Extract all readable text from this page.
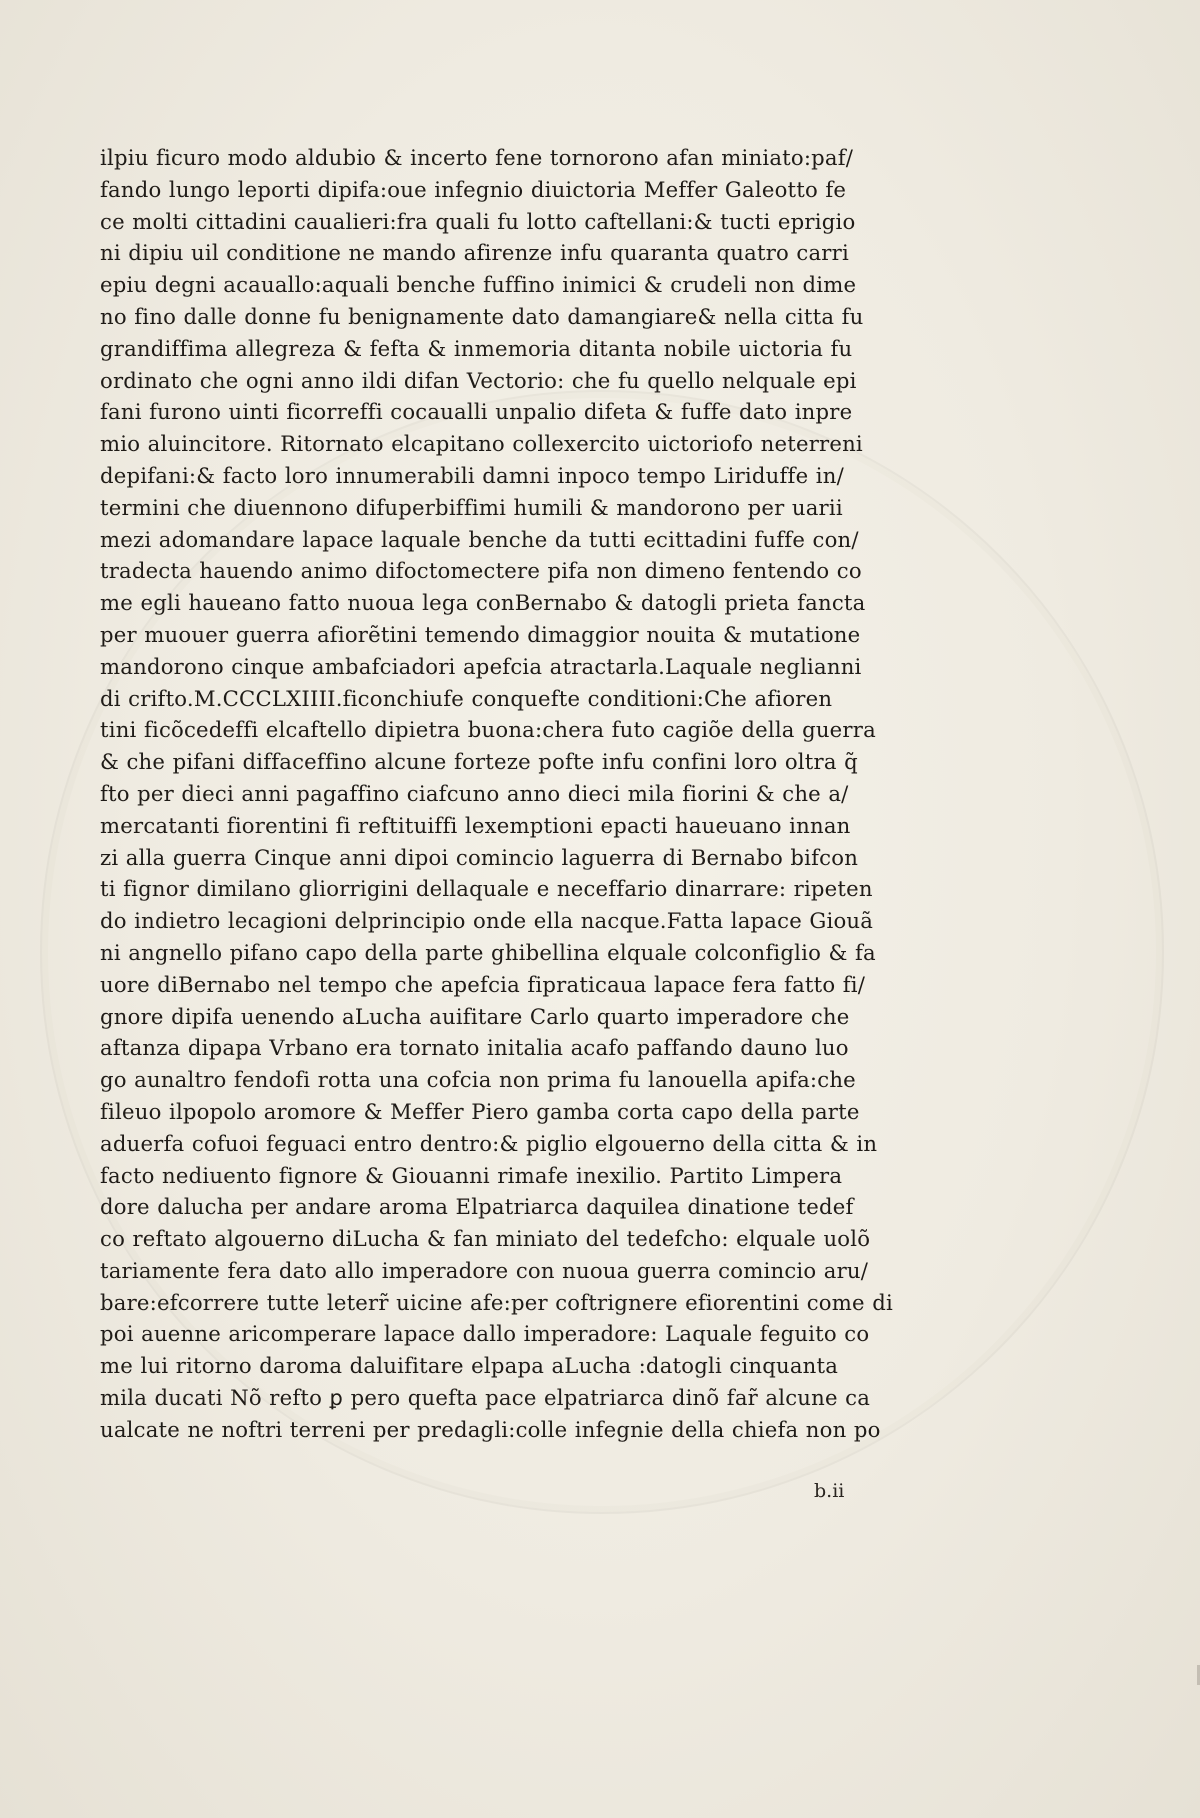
ilpiu ficuro modo aldubio & incerto fene tornorono afan miniato:paf/
fando lungo leporti dipifa:oue infegnio diuictoria Meffer Galeotto fe
ce molti cittadini caualieri:fra quali fu lotto caftellani:& tucti eprigio
ni dipiu uil conditione ne mando afirenze infu quaranta quatro carri
epiu degni acauallo:aquali benche fuffino inimici & crudeli non dime
no fino dalle donne fu benignamente dato damangiare& nella citta fu
grandiffima allegreza & fefta & inmemoria ditanta nobile uictoria fu
ordinato che ogni anno ildi difan Vectorio: che fu quello nelquale epi
fani furono uinti ficorreffi cocaualli unpalio difeta & fuffe dato inpre
mio aluincitore. Ritornato elcapitano collexercito uictoriofo neterreni
depifani:& facto loro innumerabili damni inpoco tempo Liriduffe in/
termini che diuennono difuperbiffimi humili & mandorono per uarii
mezi adomandare lapace laquale benche da tutti ecittadini fuffe con/
tradecta hauendo animo difoctomectere pifa non dimeno fentendo co
me egli haueano fatto nuoua lega conBernabo & datogli prieta fancta
per muouer guerra afiorẽtini temendo dimaggior nouita & mutatione
mandorono cinque ambafciadori apefcia atractarla.Laquale neglianni
di crifto.M.CCCLXIIII.ficonchiufe conquefte conditioni:Che afioren
tini ficõcedeffi elcaftello dipietra buona:chera futo cagiõe della guerra
& che pifani diffaceffino alcune forteze pofte infu confini loro oltra q̃
fto per dieci anni pagaffino ciafcuno anno dieci mila fiorini & che a/
mercatanti fiorentini fi reftituiffi lexemptioni epacti haueuano innan
zi alla guerra Cinque anni dipoi comincio laguerra di Bernabo bifcon
ti fignor dimilano gliorrigini dellaquale e neceffario dinarrare: ripeten
do indietro lecagioni delprincipio onde ella nacque.Fatta lapace Giouã
ni angnello pifano capo della parte ghibellina elquale colconfiglio & fa
uore diBernabo nel tempo che apefcia fipraticaua lapace fera fatto fi/
gnore dipifa uenendo aLucha auifitare Carlo quarto imperadore che
aftanza dipapa Vrbano era tornato initalia acafo paffando dauno luo
go aunaltro fendofi rotta una cofcia non prima fu lanouella apifa:che
fileuo ilpopolo aromore & Meffer Piero gamba corta capo della parte
aduerfa cofuoi feguaci entro dentro:& piglio elgouerno della citta & in
facto nediuento fignore & Giouanni rimafe inexilio. Partito Limpera
dore dalucha per andare aroma Elpatriarca daquilea dinatione tedef
co reftato algouerno diLucha & fan miniato del tedefcho: elquale uolõ
tariamente fera dato allo imperadore con nuoua guerra comincio aru/
bare:efcorrere tutte leterr̃ uicine afe:per coftrignere efiorentini come di
poi auenne aricomperare lapace dallo imperadore: Laquale feguito co
me lui ritorno daroma daluifitare elpapa aLucha :datogli cinquanta
mila ducati Nõ refto ꝑ pero quefta pace elpatriarca dinõ far̃ alcune ca
ualcate ne noftri terreni per predagli:colle infegnie della chiefa non po
b.ii
